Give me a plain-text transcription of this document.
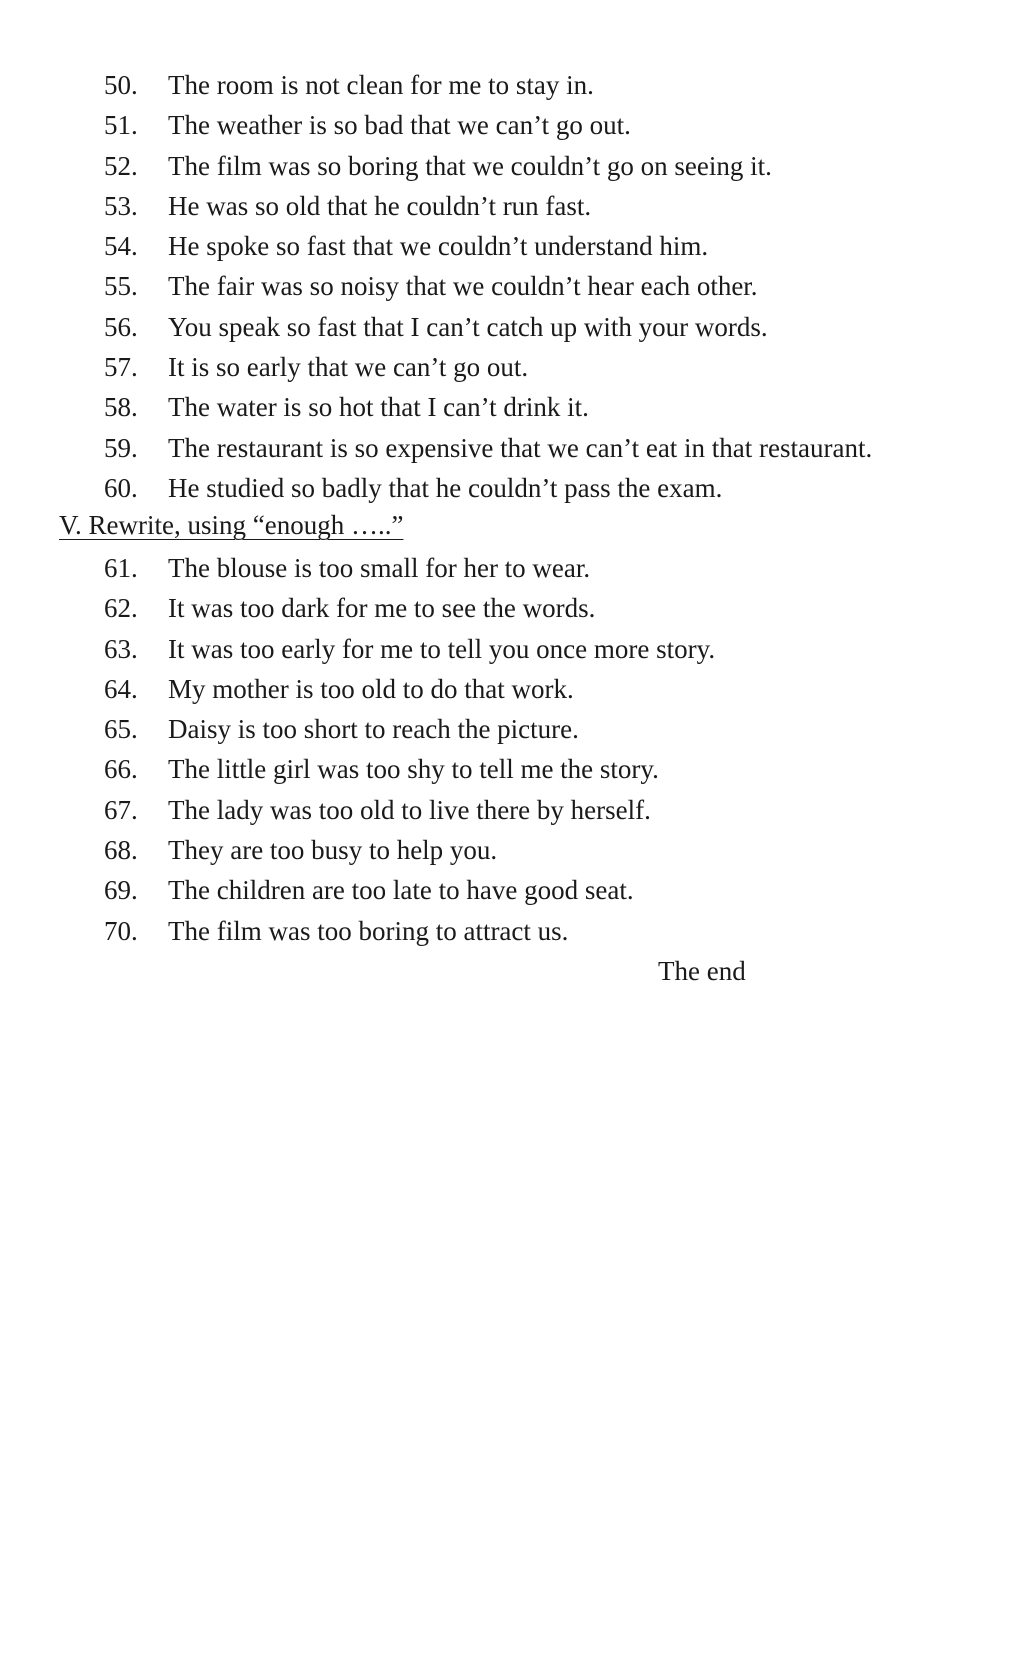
50. The room is not clean for me to stay in.
51. The weather is so bad that we can’t go out.
52. The film was so boring that we couldn’t go on seeing it.
53. He was so old that he couldn’t run fast.
54. He spoke so fast that we couldn’t understand him.
55. The fair was so noisy that we couldn’t hear each other.
56. You speak so fast that I can’t catch up with your words.
57. It is so early that we can’t go out.
58. The water is so hot that I can’t drink it.
59. The restaurant is so expensive that we can’t eat in that restaurant.
60. He studied so badly that he couldn’t pass the exam.
V. Rewrite, using “enough …..”
61. The blouse is too small for her to wear.
62. It was too dark for me to see the words.
63. It was too early for me to tell you once more story.
64. My mother is too old to do that work.
65. Daisy is too short to reach the picture.
66. The little girl was too shy to tell me the story.
67. The lady was too old to live there by herself.
68. They are too busy to help you.
69. The children are too late to have good seat.
70. The film was too boring to attract us.
The end
